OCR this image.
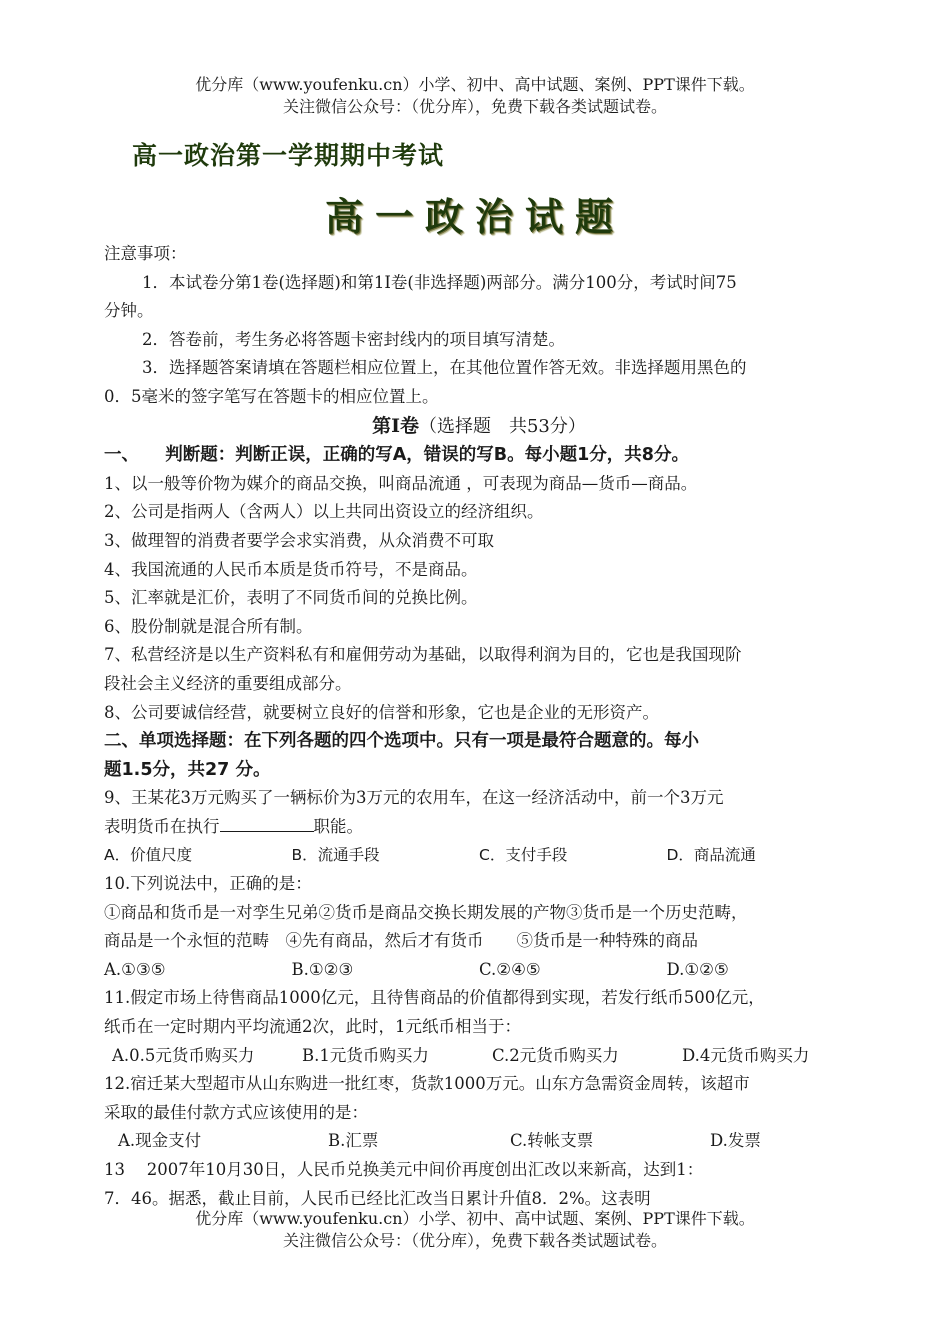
优分库（www.youfenku.cn）小学、初中、高中试题、案例、PPT课件下载。
关注微信公众号：（优分库），免费下载各类试题试卷。
高一政治第一学期期中考试
高一政治试题

注意事项：

1．本试卷分第1卷(选择题)和第1I卷(非选择题)两部分。满分100分，考试时间75

分钟。

2．答卷前，考生务必将答题卡密封线内的项目填写清楚。

3．选择题答案请填在答题栏相应位置上，在其他位置作答无效。非选择题用黑色的

0．5毫米的签字笔写在答题卡的相应位置上。

第Ⅰ卷（选择题　共53分）

一、　　判断题：判断正误，正确的写A，错误的写B。每小题1分，共8分。

1、以一般等价物为媒介的商品交换，叫商品流通 ，可表现为商品—货币—商品。

2、公司是指两人（含两人）以上共同出资设立的经济组织。

3、做理智的消费者要学会求实消费，从众消费不可取

4、我国流通的人民币本质是货币符号，不是商品。

5、汇率就是汇价，表明了不同货币间的兑换比例。

6、股份制就是混合所有制。

7、私营经济是以生产资料私有和雇佣劳动为基础，以取得利润为目的，它也是我国现阶

段社会主义经济的重要组成部分。

8、公司要诚信经营，就要树立良好的信誉和形象，它也是企业的无形资产。

二、单项选择题：在下列各题的四个选项中。只有一项是最符合题意的。每小

题1.5分，共27 分。

9、王某花3万元购买了一辆标价为3万元的农用车，在这一经济活动中，前一个3万元

表明货币在执行	职能。

A．价值尺度	B．流通手段	C．支付手段	D．商品流通

10.下列说法中，正确的是：

①商品和货币是一对孪生兄弟②货币是商品交换长期发展的产物③货币是一个历史范畴，

商品是一个永恒的范畴　④先有商品，然后才有货币　　⑤货币是一种特殊的商品

A.①③⑤	B.①②③	C.②④⑤	D.①②⑤

11.假定市场上待售商品1000亿元，且待售商品的价值都得到实现，若发行纸币500亿元，

纸币在一定时期内平均流通2次，此时，1元纸币相当于：

A.0.5元货币购买力	B.1元货币购买力	C.2元货币购买力	D.4元货币购买力

12.宿迁某大型超市从山东购进一批红枣，货款1000万元。山东方急需资金周转，该超市

采取的最佳付款方式应该使用的是：

A.现金支付	B.汇票	C.转帐支票	D.发票

13　 2007年10月30日，人民币兑换美元中间价再度创出汇改以来新高，达到1：

7．46。据悉，截止目前，人民币已经比汇改当日累计升值8．2%。这表明

优分库（www.youfenku.cn）小学、初中、高中试题、案例、PPT课件下载。
关注微信公众号：（优分库），免费下载各类试题试卷。
